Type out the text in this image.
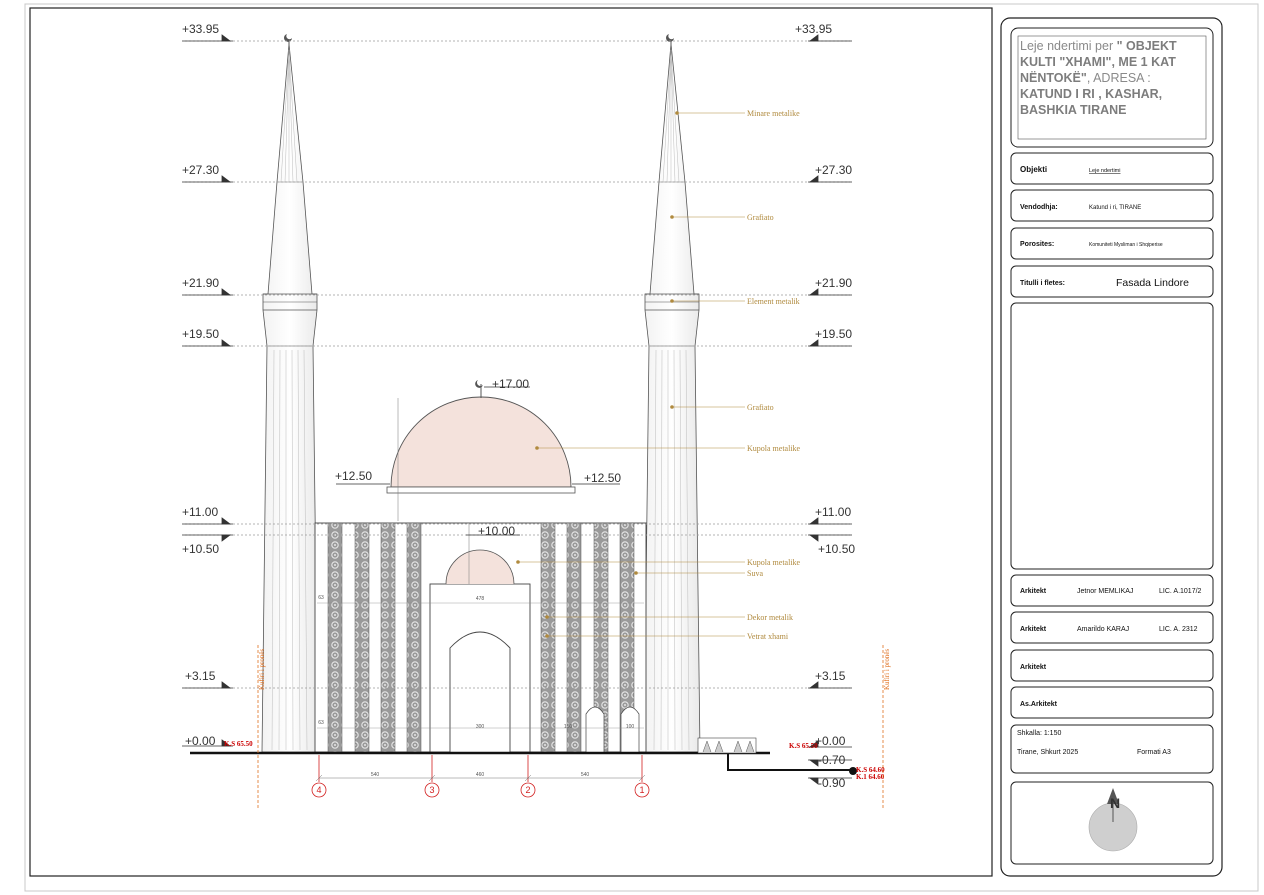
+33.95
+27.30
+21.90
+19.50
+11.00
+10.50
+3.15
+0.00
+33.95
+27.30
+21.90
+19.50
+11.00
+10.50
+3.15
+0.00
-0.70
-0.90
+17.00
+12.50	+12.50
+10.00
Minare metalike
Grafiato
Element metalik
Grafiato
Kupola metalike
Kupola metalike
Suva
Dekor metalik
Vetrat xhami
K.S 65.50	K.S 65.50
K.S 64.60
K.1 64.60
Kufiri i pronës	Kufiri i pronës
4	3	2	1
540	460	540
63
63
478
300	150	100
Leje ndertimi per " OBJEKT KULTI "XHAMI", ME 1 KAT NËNTOKË", ADRESA : KATUND I RI , KASHAR, BASHKIA TIRANE
Objekti	Leje ndertimi
Vendodhja:	Katund i ri, TIRANE
Porosites:	Komuniteti Mysliman i Shqiperise
Titulli i fletes:	Fasada Lindore
Arkitekt	Jetnor MEMLIKAJ	LIC. A.1017/2
Arkitekt	Amarildo KARAJ	LIC. A. 2312
Arkitekt
As.Arkitekt
Shkalla: 1:150
Tirane, Shkurt 2025	Formati A3
N
